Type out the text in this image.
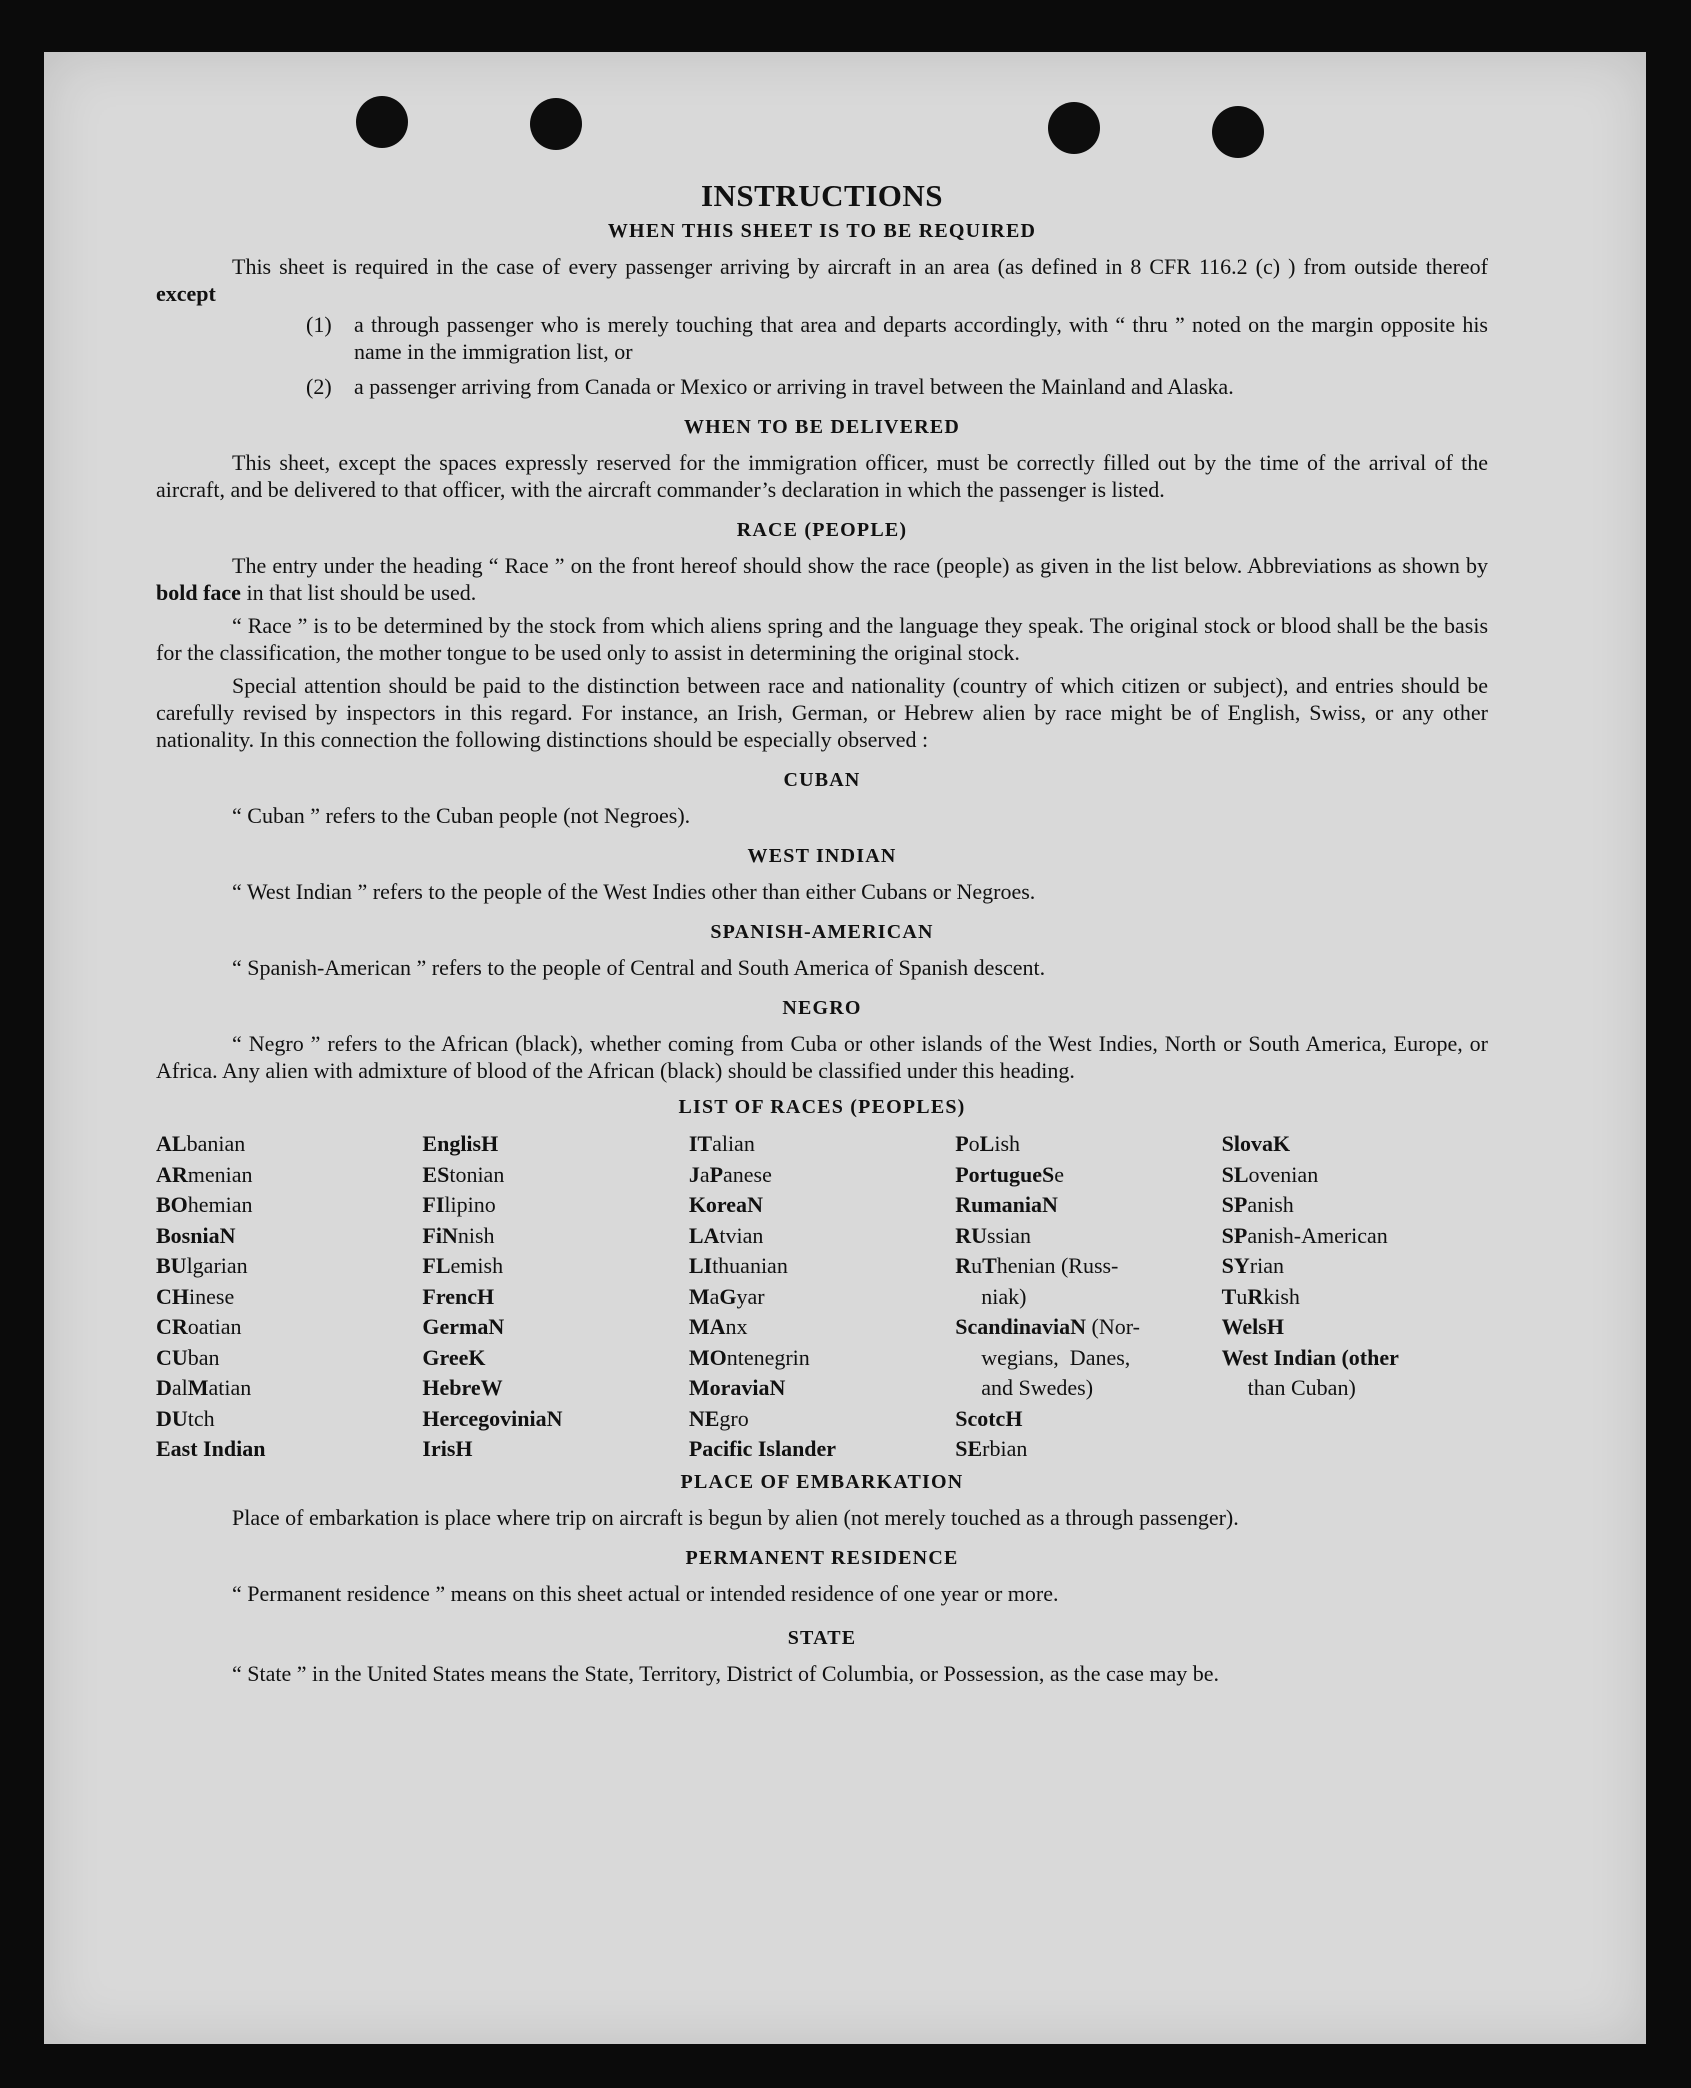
INSTRUCTIONS
WHEN THIS SHEET IS TO BE REQUIRED

This sheet is required in the case of every passenger arriving by aircraft in an area (as defined in 8 CFR 116.2 (c) ) from outside thereof except

(1)	a through passenger who is merely touching that area and departs accordingly, with “ thru ” noted on the margin opposite his name in the immigration list, or
(2)	a passenger arriving from Canada or Mexico or arriving in travel between the Mainland and Alaska.
WHEN TO BE DELIVERED

This sheet, except the spaces expressly reserved for the immigration officer, must be correctly filled out by the time of the arrival of the aircraft, and be delivered to that officer, with the aircraft commander’s declaration in which the passenger is listed.

RACE (PEOPLE)

The entry under the heading “ Race ” on the front hereof should show the race (people) as given in the list below. Abbreviations as shown by bold face in that list should be used.

“ Race ” is to be determined by the stock from which aliens spring and the language they speak. The original stock or blood shall be the basis for the classification, the mother tongue to be used only to assist in determining the original stock.

Special attention should be paid to the distinction between race and nationality (country of which citizen or subject), and entries should be carefully revised by inspectors in this regard. For instance, an Irish, German, or Hebrew alien by race might be of English, Swiss, or any other nationality. In this connection the following distinctions should be especially observed :

CUBAN

“ Cuban ” refers to the Cuban people (not Negroes).

WEST INDIAN

“ West Indian ” refers to the people of the West Indies other than either Cubans or Negroes.

SPANISH-AMERICAN

“ Spanish-American ” refers to the people of Central and South America of Spanish descent.

NEGRO

“ Negro ” refers to the African (black), whether coming from Cuba or other islands of the West Indies, North or South America, Europe, or Africa. Any alien with admixture of blood of the African (black) should be classified under this heading.

LIST OF RACES (PEOPLES)
ALbanian
ARmenian
BOhemian
BosniaN
BUlgarian
CHinese
CRoatian
CUban
DalMatian
DUtch
East Indian
EnglisH
EStonian
FIlipino
FiNnish
FLemish
FrencH
GermaN
GreeK
HebreW
HercegoviniaN
IrisH
ITalian
JaPanese
KoreaN
LAtvian
LIthuanian
MaGyar
MAnx
MOntenegrin
MoraviaN
NEgro
Pacific Islander
PoLish
PortugueSe
RumaniaN
RUssian
RuThenian (Russ-
niak)
ScandinaviaN (Nor-
wegians,  Danes,
and Swedes)
ScotcH
SErbian
SlovaK
SLovenian
SPanish
SPanish-American
SYrian
TuRkish
WelsH
West Indian (other
than Cuban)
PLACE OF EMBARKATION

Place of embarkation is place where trip on aircraft is begun by alien (not merely touched as a through passenger).

PERMANENT RESIDENCE

“ Permanent residence ” means on this sheet actual or intended residence of one year or more.

STATE

“ State ” in the United States means the State, Territory, District of Columbia, or Possession, as the case may be.
